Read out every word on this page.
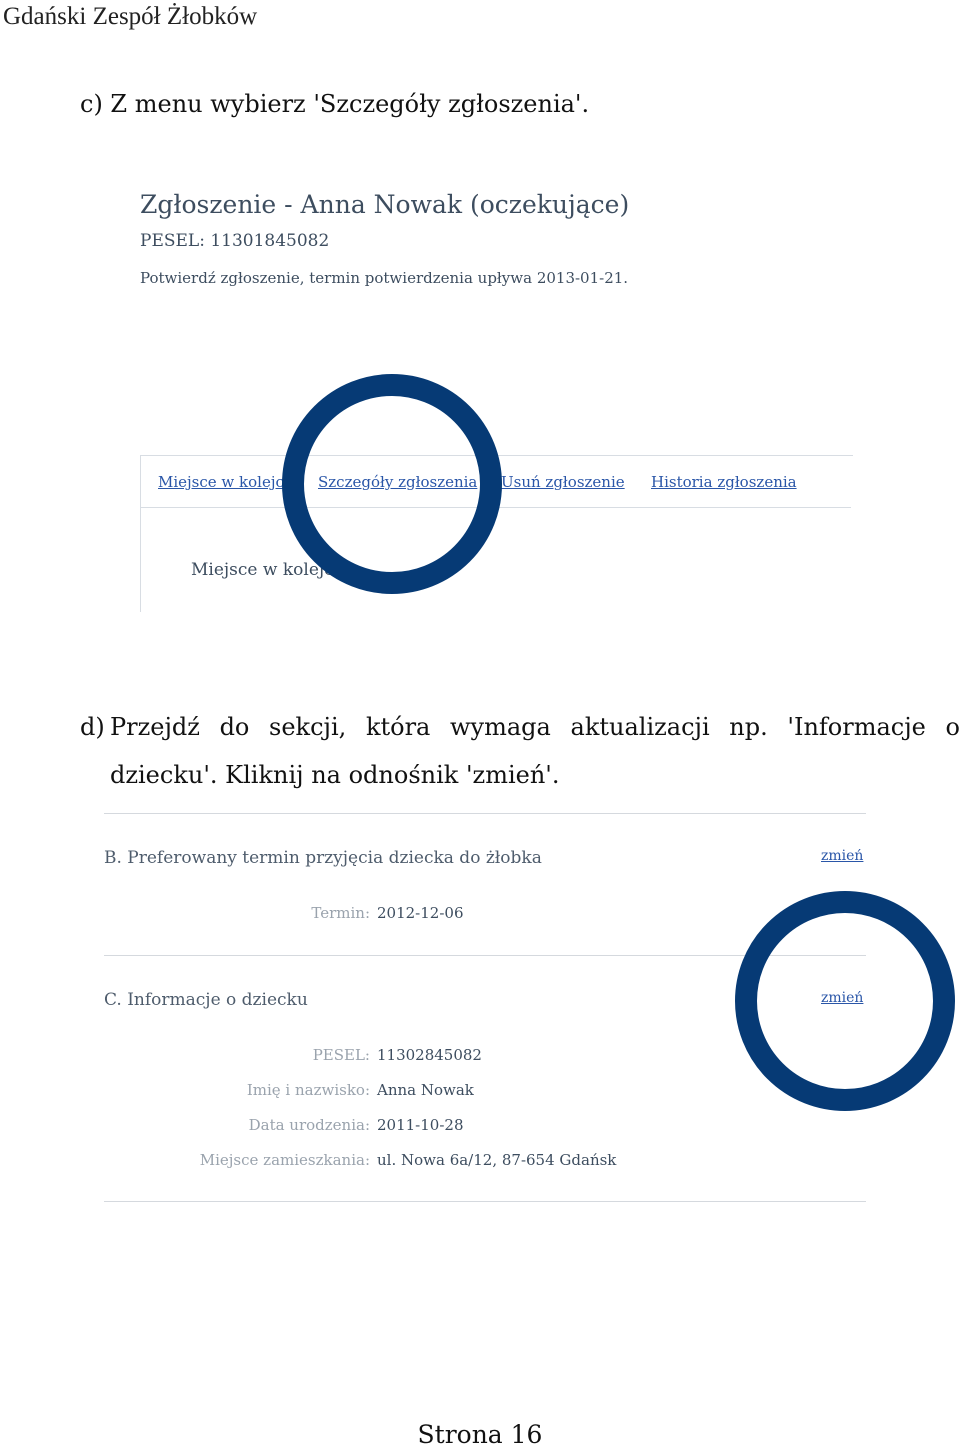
Gdański Zespół Żłobków
c) Z menu wybierz 'Szczegóły zgłoszenia'.
Zgłoszenie - Anna Nowak (oczekujące)
PESEL: 11301845082
Potwierdź zgłoszenie, termin potwierdzenia upływa 2013-01-21.
Miejsce w kolejce Szczegóły zgłoszenia Usuń zgłoszenie Historia zgłoszenia
Miejsce w kolejce
d) Przejdź do sekcji, która wymaga aktualizacji np. 'Informacje o dziecku'. Kliknij na odnośnik 'zmień'.
B. Preferowany termin przyjęcia dziecka do żłobka	zmień
Termin: 2012-12-06
C. Informacje o dziecku	zmień
PESEL: 11302845082
Imię i nazwisko: Anna Nowak
Data urodzenia: 2011-10-28
Miejsce zamieszkania: ul. Nowa 6a/12, 87-654 Gdańsk
Strona 16
